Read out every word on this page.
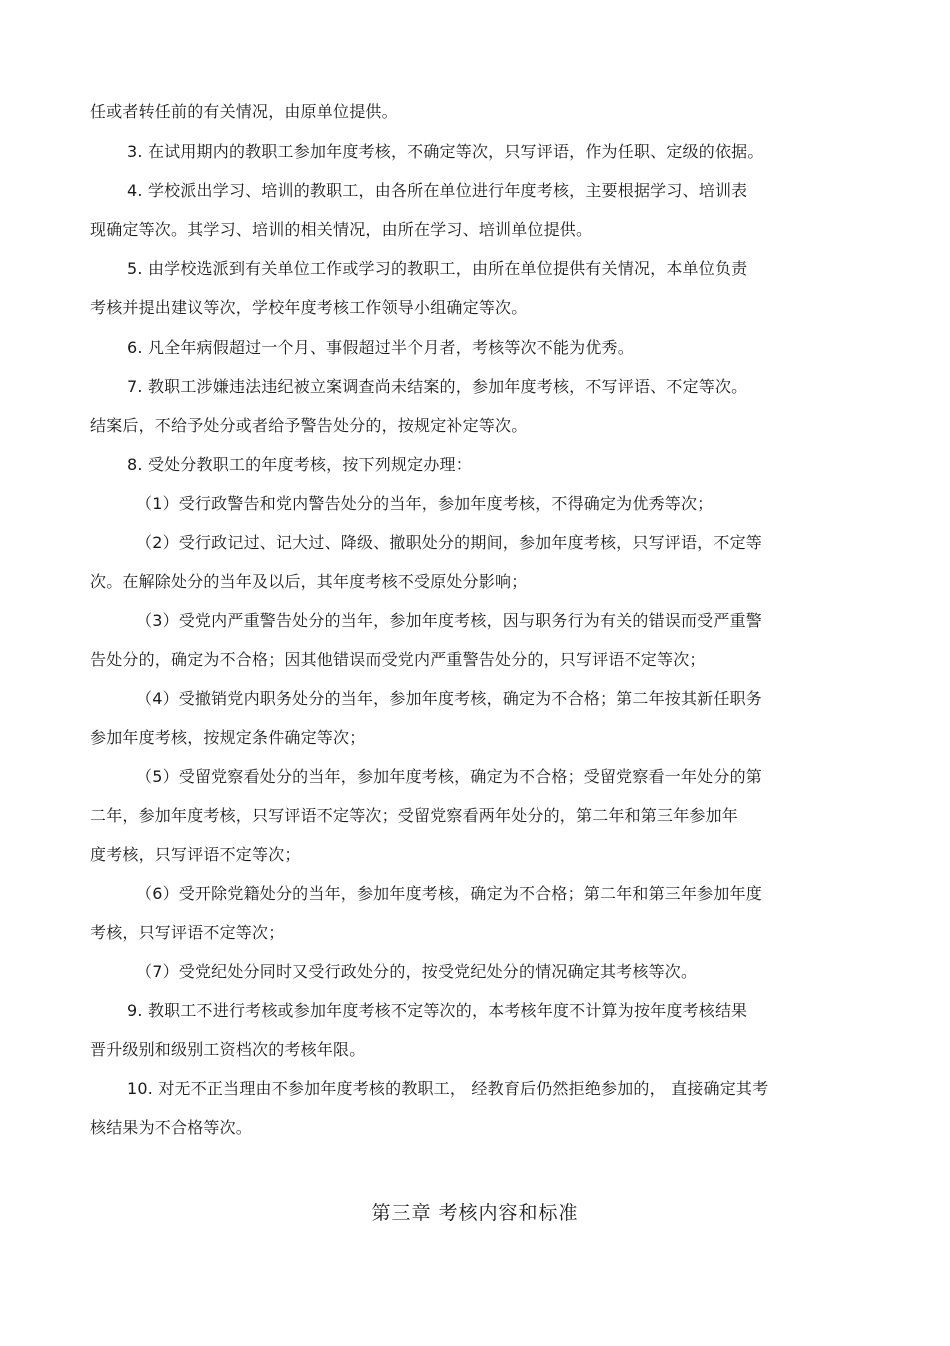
任或者转任前的有关情况，由原单位提供。
3. 在试用期内的教职工参加年度考核，不确定等次，只写评语，作为任职、定级的依据。
4. 学校派出学习、培训的教职工，由各所在单位进行年度考核，主要根据学习、培训表
现确定等次。其学习、培训的相关情况，由所在学习、培训单位提供。
5. 由学校选派到有关单位工作或学习的教职工，由所在单位提供有关情况，本单位负责
考核并提出建议等次，学校年度考核工作领导小组确定等次。
6. 凡全年病假超过一个月、事假超过半个月者，考核等次不能为优秀。
7. 教职工涉嫌违法违纪被立案调查尚未结案的，参加年度考核，不写评语、不定等次。
结案后，不给予处分或者给予警告处分的，按规定补定等次。
8. 受处分教职工的年度考核，按下列规定办理：
（1）受行政警告和党内警告处分的当年，参加年度考核，不得确定为优秀等次；
（2）受行政记过、记大过、降级、撤职处分的期间，参加年度考核，只写评语，不定等
次。在解除处分的当年及以后，其年度考核不受原处分影响；
（3）受党内严重警告处分的当年，参加年度考核，因与职务行为有关的错误而受严重警
告处分的，确定为不合格；因其他错误而受党内严重警告处分的，只写评语不定等次；
（4）受撤销党内职务处分的当年，参加年度考核，确定为不合格；第二年按其新任职务
参加年度考核，按规定条件确定等次；
（5）受留党察看处分的当年，参加年度考核，确定为不合格；受留党察看一年处分的第
二年，参加年度考核，只写评语不定等次；受留党察看两年处分的，第二年和第三年参加年
度考核，只写评语不定等次；
（6）受开除党籍处分的当年，参加年度考核，确定为不合格；第二年和第三年参加年度
考核，只写评语不定等次；
（7）受党纪处分同时又受行政处分的，按受党纪处分的情况确定其考核等次。
9. 教职工不进行考核或参加年度考核不定等次的，本考核年度不计算为按年度考核结果
晋升级别和级别工资档次的考核年限。
10. 对无不正当理由不参加年度考核的教职工， 经教育后仍然拒绝参加的， 直接确定其考
核结果为不合格等次。
第三章 考核内容和标准
